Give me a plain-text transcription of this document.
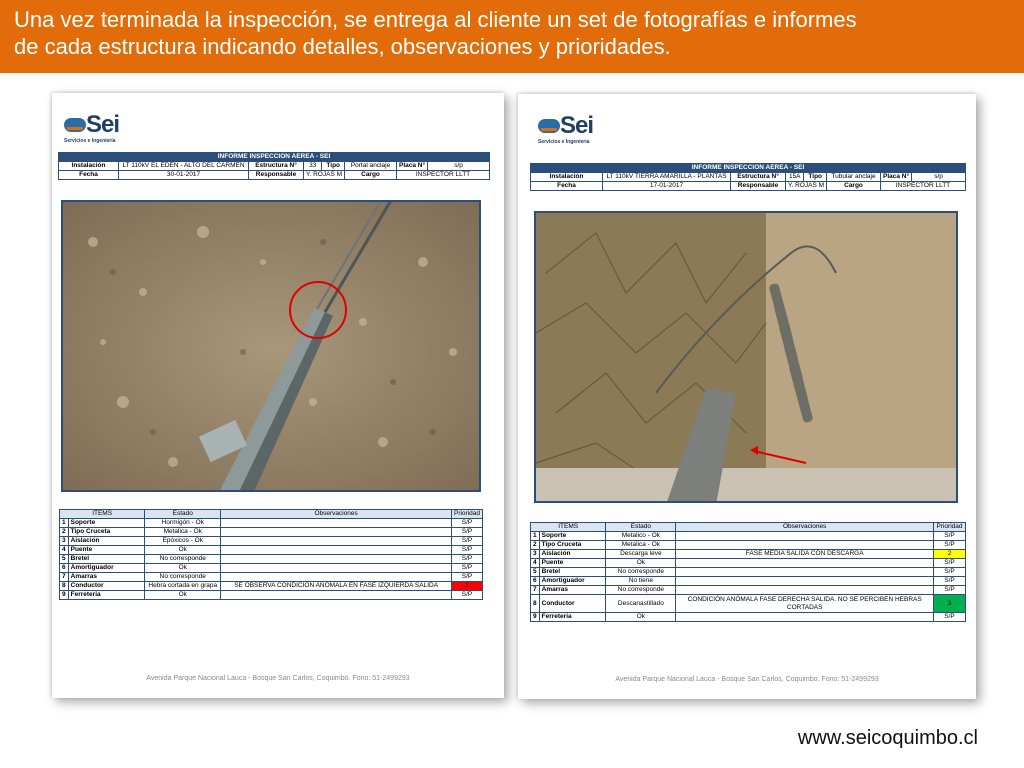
Una vez terminada la inspección, se entrega al cliente un set de fotografías e informes
de cada estructura indicando detalles, observaciones y prioridades.
Sei
Servicios e Ingeniería
INFORME INSPECCIÓN AÉREA - SEI							
Instalación	LT 110kV EL EDÉN - ALTO DEL CARMEN	Estructura N°	33	Tipo	Portal anclaje	Placa N°	s/p
Fecha	30-01-2017	Responsable	Y. ROJAS M		Cargo	INSPECTOR LLTT	
ITEMS		Estado	Observaciones	Prioridad
1	Soporte	Hormigón - Ok		S/P
2	Tipo Cruceta	Metalica - Ok		S/P
3	Aislación	Epóxicos - Ok		S/P
4	Puente	Ok		S/P
5	Bretel	No corresponde		S/P
6	Amortiguador	Ok		S/P
7	Amarras	No corresponde		S/P
8	Conductor	Hebra cortada en grapa	SE OBSERVA CONDICIÓN ANÓMALA EN FASE IZQUIERDA SALIDA	1
9	Ferreteria	Ok		S/P
Avenida Parque Nacional Lauca - Bosque San Carlos, Coquimbo. Fono: 51-2499293
Sei
Servicios e Ingeniería
INFORME INSPECCIÓN AÉREA - SEI							
Instalación	LT 110kV TIERRA AMARILLA - PLANTAS	Estructura N°	15A	Tipo	Tubular anclaje	Placa N°	s/p
Fecha	17-01-2017	Responsable	Y. ROJAS M		Cargo	INSPECTOR LLTT	
ITEMS		Estado	Observaciones	Prioridad
1	Soporte	Metalico - Ok		S/P
2	Tipo Cruceta	Metalica - Ok		S/P
3	Aislación	Descarga leve	FASE MEDIA SALIDA CON DESCARGA	2
4	Puente	Ok		S/P
5	Bretel	No corresponde		S/P
6	Amortiguador	No tiene		S/P
7	Amarras	No corresponde		S/P
8	Conductor	Descanastillado	CONDICIÓN ANÓMALA FASE DERECHA SALIDA. NO SE PERCIBEN HEBRAS CORTADAS	3
9	Ferreteria	Ok		S/P
Avenida Parque Nacional Lauca - Bosque San Carlos, Coquimbo. Fono: 51-2499293
www.seicoquimbo.cl
